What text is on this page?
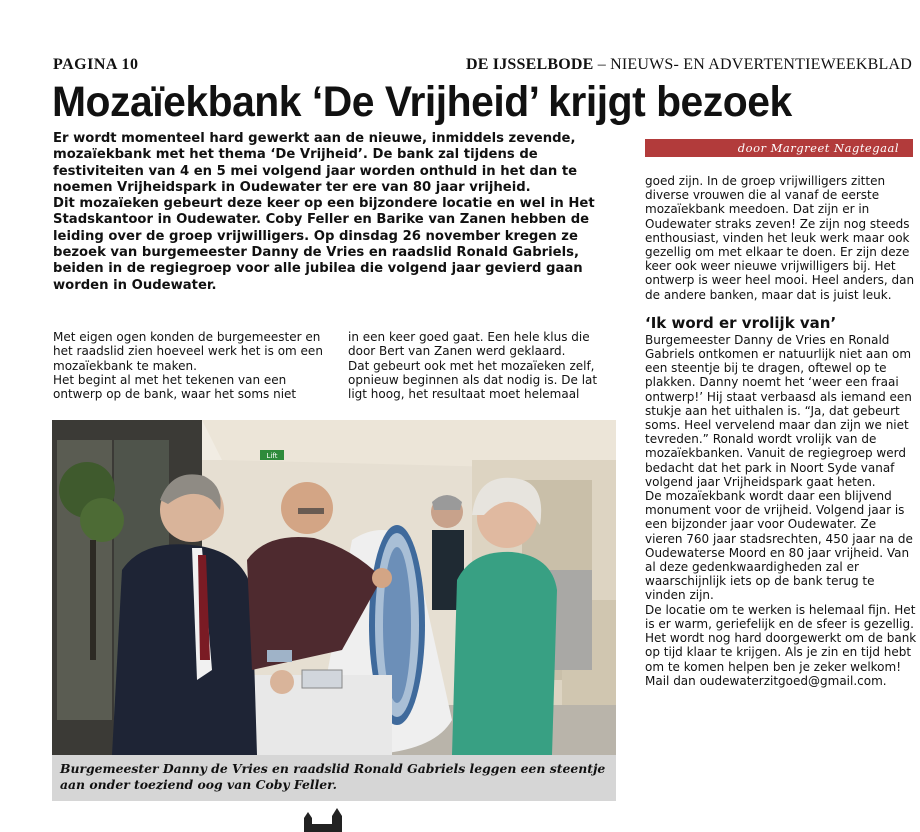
PAGINA 10	DE IJSSELBODE – NIEUWS- EN ADVERTENTIEWEEKBLAD
Mozaïekbank ‘De Vrijheid’ krijgt bezoek

Er wordt momenteel hard gewerkt aan de nieuwe, inmiddels zevende, mozaïekbank met het thema ‘De Vrijheid’. De bank zal tijdens de festiviteiten van 4 en 5 mei volgend jaar worden onthuld in het dan te noemen Vrijheidspark in Oudewater ter ere van 80 jaar vrijheid.

Dit mozaïeken gebeurt deze keer op een bijzondere locatie en wel in Het Stadskantoor in Oudewater. Coby Feller en Barike van Zanen hebben de leiding over de groep vrijwilligers. Op dinsdag 26 november kregen ze bezoek van burgemeester Danny de Vries en raadslid Ronald Gabriels, beiden in de regiegroep voor alle jubilea die volgend jaar gevierd gaan worden in Oudewater.

Met eigen ogen konden de burgemeester en het raadslid zien hoeveel werk het is om een mozaïekbank te maken.

Het begint al met het tekenen van een ontwerp op de bank, waar het soms niet

in een keer goed gaat. Een hele klus die door Bert van Zanen werd geklaard.

Dat gebeurt ook met het mozaïeken zelf, opnieuw beginnen als dat nodig is. De lat ligt hoog, het resultaat moet helemaal

door Margreet Nagtegaal

goed zijn. In de groep vrijwilligers zitten diverse vrouwen die al vanaf de eerste mozaïekbank meedoen. Dat zijn er in Oudewater straks zeven! Ze zijn nog steeds enthousiast, vinden het leuk werk maar ook gezellig om met elkaar te doen. Er zijn deze keer ook weer nieuwe vrijwilligers bij. Het ontwerp is weer heel mooi. Heel anders, dan de andere banken, maar dat is juist leuk.

‘Ik word er vrolijk van’

Burgemeester Danny de Vries en Ronald Gabriels ontkomen er natuurlijk niet aan om een steentje bij te dragen, oftewel op te plakken. Danny noemt het ‘weer een fraai ontwerp!’ Hij staat verbaasd als iemand een stukje aan het uithalen is. “Ja, dat gebeurt soms. Heel vervelend maar dan zijn we niet tevreden.” Ronald wordt vrolijk van de mozaïekbanken. Vanuit de regiegroep werd bedacht dat het park in Noort Syde vanaf volgend jaar Vrijheidspark gaat heten.

De mozaïekbank wordt daar een blijvend monument voor de vrijheid. Volgend jaar is een bijzonder jaar voor Oudewater. Ze vieren 760 jaar stadsrechten, 450 jaar na de Oudewaterse Moord en 80 jaar vrijheid. Van al deze gedenkwaardigheden zal er waarschijnlijk iets op de bank terug te vinden zijn.

De locatie om te werken is helemaal fijn. Het is er warm, geriefelijk en de sfeer is gezellig. Het wordt nog hard doorgewerkt om de bank op tijd klaar te krijgen. Als je zin en tijd hebt om te komen helpen ben je zeker welkom! Mail dan oudewaterzitgoed@gmail.com.

Lift
Burgemeester Danny de Vries en raadslid Ronald Gabriels leggen een steentje aan onder toeziend oog van Coby Feller.
